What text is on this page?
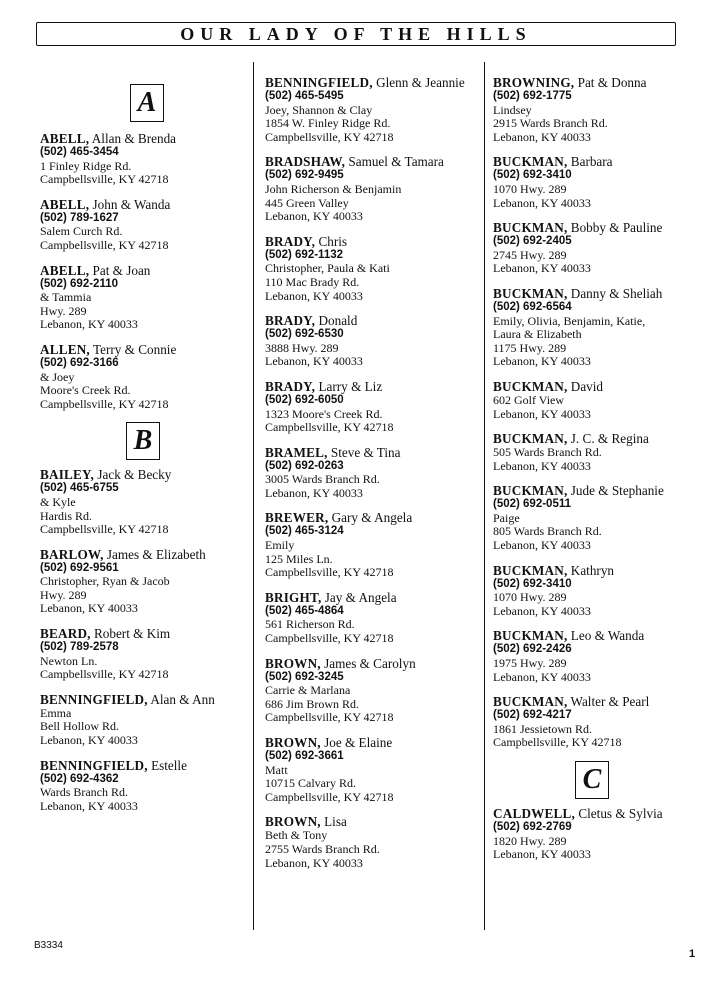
OUR LADY OF THE HILLS
A
ABELL, Allan & Brenda
(502) 465-3454
1 Finley Ridge Rd.
Campbellsville, KY 42718
ABELL, John & Wanda
(502) 789-1627
Salem Curch Rd.
Campbellsville, KY 42718
ABELL, Pat & Joan
(502) 692-2110
& Tammia
Hwy. 289
Lebanon, KY 40033
ALLEN, Terry & Connie
(502) 692-3166
& Joey
Moore's Creek Rd.
Campbellsville, KY 42718
B
BAILEY, Jack & Becky
(502) 465-6755
& Kyle
Hardis Rd.
Campbellsville, KY 42718
BARLOW, James & Elizabeth
(502) 692-9561
Christopher, Ryan & Jacob
Hwy. 289
Lebanon, KY 40033
BEARD, Robert & Kim
(502) 789-2578
Newton Ln.
Campbellsville, KY 42718
BENNINGFIELD, Alan & Ann
Emma
Bell Hollow Rd.
Lebanon, KY 40033
BENNINGFIELD, Estelle
(502) 692-4362
Wards Branch Rd.
Lebanon, KY 40033
BENNINGFIELD, Glenn & Jeannie
(502) 465-5495
Joey, Shannon & Clay
1854 W. Finley Ridge Rd.
Campbellsville, KY 42718
BRADSHAW, Samuel & Tamara
(502) 692-9495
John Richerson & Benjamin
445 Green Valley
Lebanon, KY 40033
BRADY, Chris
(502) 692-1132
Christopher, Paula & Kati
110 Mac Brady Rd.
Lebanon, KY 40033
BRADY, Donald
(502) 692-6530
3888 Hwy. 289
Lebanon, KY 40033
BRADY, Larry & Liz
(502) 692-6050
1323 Moore's Creek Rd.
Campbellsville, KY 42718
BRAMEL, Steve & Tina
(502) 692-0263
3005 Wards Branch Rd.
Lebanon, KY 40033
BREWER, Gary & Angela
(502) 465-3124
Emily
125 Miles Ln.
Campbellsville, KY 42718
BRIGHT, Jay & Angela
(502) 465-4864
561 Richerson Rd.
Campbellsville, KY 42718
BROWN, James & Carolyn
(502) 692-3245
Carrie & Marlana
686 Jim Brown Rd.
Campbellsville, KY 42718
BROWN, Joe & Elaine
(502) 692-3661
Matt
10715 Calvary Rd.
Campbellsville, KY 42718
BROWN, Lisa
Beth & Tony
2755 Wards Branch Rd.
Lebanon, KY 40033
BROWNING, Pat & Donna
(502) 692-1775
Lindsey
2915 Wards Branch Rd.
Lebanon, KY 40033
BUCKMAN, Barbara
(502) 692-3410
1070 Hwy. 289
Lebanon, KY 40033
BUCKMAN, Bobby & Pauline
(502) 692-2405
2745 Hwy. 289
Lebanon, KY 40033
BUCKMAN, Danny & Sheliah
(502) 692-6564
Emily, Olivia, Benjamin, Katie,
Laura & Elizabeth
1175 Hwy. 289
Lebanon, KY 40033
BUCKMAN, David
602 Golf View
Lebanon, KY 40033
BUCKMAN, J. C. & Regina
505 Wards Branch Rd.
Lebanon, KY 40033
BUCKMAN, Jude & Stephanie
(502) 692-0511
Paige
805 Wards Branch Rd.
Lebanon, KY 40033
BUCKMAN, Kathryn
(502) 692-3410
1070 Hwy. 289
Lebanon, KY 40033
BUCKMAN, Leo & Wanda
(502) 692-2426
1975 Hwy. 289
Lebanon, KY 40033
BUCKMAN, Walter & Pearl
(502) 692-4217
1861 Jessietown Rd.
Campbellsville, KY 42718
C
CALDWELL, Cletus & Sylvia
(502) 692-2769
1820 Hwy. 289
Lebanon, KY 40033
B3334
1
